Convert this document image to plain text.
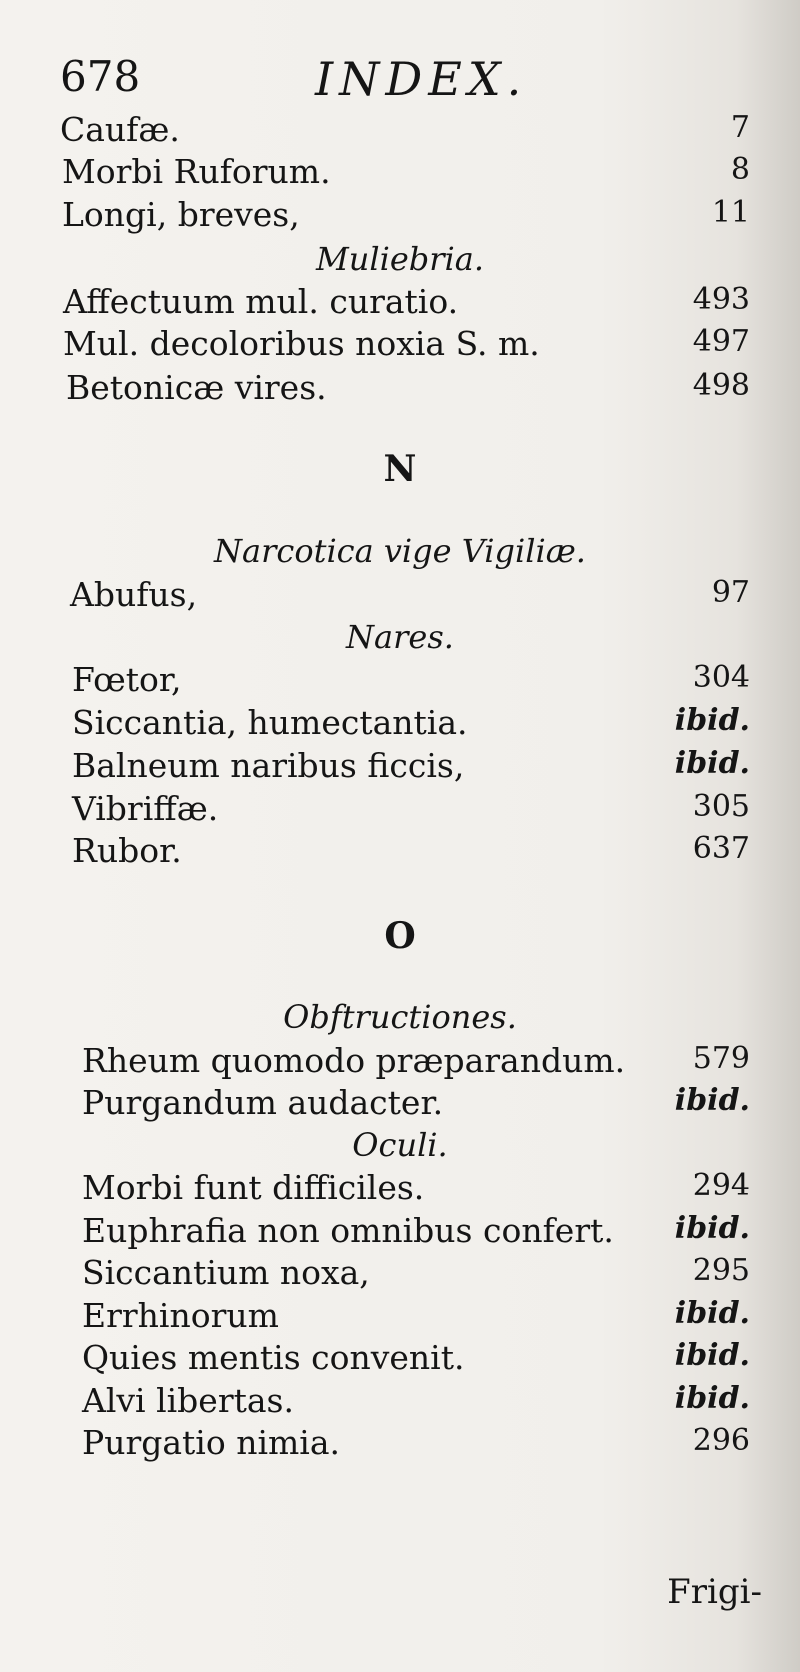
678	INDEX.
Caufæ.	7
Morbi Ruforum.	8
Longi, breves,	11
Muliebria.
Affectuum mul. curatio.	493
Mul. decoloribus noxia S. m.	497
Betonicæ vires.	498
N
Narcotica vige Vigiliæ.
Abufus,	97
Nares.
Fœtor,	304
Siccantia, humectantia.	ibid.
Balneum naribus ficcis,	ibid.
Vibriffæ.	305
Rubor.	637
O
Obftructiones.
Rheum quomodo præparandum. 579
Purgandum audacter.	ibid.
Oculi.
Morbi funt difficiles.	294
Euphrafia non omnibus confert. ibid.
Siccantium noxa,	295
Errhinorum	ibid.
Quies mentis convenit.	ibid.
Alvi libertas.	ibid.
Purgatio nimia.	296
Frigi-
